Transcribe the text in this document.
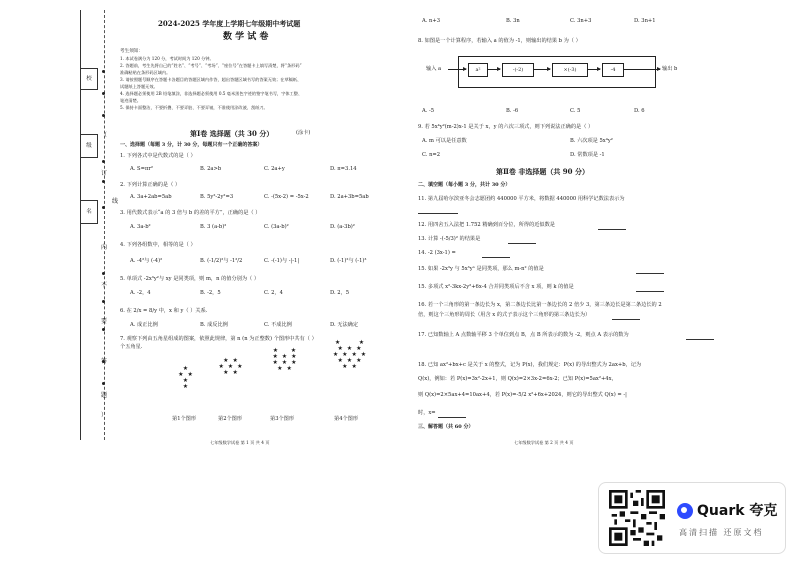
校
级
名
（
订
线
内
不
要
答
题
）
2024-2025 学年度上学期七年级期中考试题
数 学 试 卷
考生须知：
1. 本试卷满分为 120 分，考试时间为 120 分钟。
2. 答题前，考生先将自己的“姓名”、“考号”、“考场”、“座位号”在答题卡上填写清楚，将“条形码”
准确粘贴在条形码区域内。
3. 请按照题号顺序在答题卡各题目的答题区域内作答，超出答题区域书写的答案无效；在草稿纸、
试题纸上答题无效。
4. 选择题必须使用 2B 铅笔填涂，非选择题必须使用 0.5 毫米黑色字迹的签字笔书写，字体工整、
笔迹清楚。
5. 保持卡面整洁，不要折叠、不要弄脏、不要弄皱，不准使用涂改液、刮纸刀。
第Ⅰ卷 选择题（共 30 分）	(涂卡)
一、选择题（每题 3 分，计 30 分，每题只有一个正确的答案）
1. 下列各式中是代数式的是（ ）
A. S=πr²	B. 2a>b	C. 2a+y	D. π=3.14
2. 下列计算正确的是（ ）
A. 3a+2ab=5ab	B. 5y²-2y²=3	C. -(5x-2) = -5x-2	D. 2a+3b=5ab
3. 用代数式表示“a 的 3 倍与 b 的差的平方”，正确的是（ ）
A. 3a-b²	B. 3 (a-b)²	C. (3a-b)²	D. (a-3b)²
4. 下列各组数中，相等的是（ ）
A. -4²与 (-4)²	B. (-1/2)²与 -1²/2	C. -(-1)与 -|-1|	D. (-1)²与 (-1)³
5. 单项式 -2x³y²与 xy 是同类项，则 m，n 的值分别为（ ）
A. -2，4	B. -2，5	C. 2，4	D. 2，5
6. 在 2/x = 8/y 中，x 和 y（ ）关系.
A. 成正比例	B. 成反比例	C. 不成比例	D. 无法确定
7. 观察下列由五角星组成的图案，依照此规律，第 n (n 为正整数) 个图形中共有（ ）
个五角星.
★
★ ★ ★
★
★ ★
★ ★ ★
★ ★
★    ★
★ ★ ★
★ ★ ★
★ ★
★      ★
★ ★ ★
★ ★ ★ ★
★ ★ ★
★ ★
第1个图形	第2个图形	第3个图形	第4个图形
七年级数学试卷 第 1 页 共 4 页
A. n+3	B. 3n	C. 3n+3	D. 3n+1
8. 如图是一个计算程序，若输入 a 的值为 -1，则输出的结果 b 为（ ）
输入 a	a²	-(-2)	×(-3)	-4	输出 b
A. -5	B. -6	C. 5	D. 6
9. 若 5x⁴y²(m-2)x-1 是关于 x，y 的六次三项式，则下列说法正确的是（ ）
A. m 可以是任意数	B. 六次项是 5x⁴y²
C. n=2	D. 常数项是 -1
第Ⅱ卷 非选择题（共 90 分）
二、填空题（每小题 3 分，共计 30 分）
11. 第九届哈尔滨亚冬会志愿团约 440000 平方米，将数据 440000 用科学记数法表示为
12. 用四舍五入法把 1.752 精确到百分位，所得的近似数是
13. 计算 -(-5/3)² 的结果是
14. -2 (3x-1) =
15. 如果 -2x³y 与 5x³yⁿ 是同类项，那么 m-n² 的值是
15. 多项式 x²-3kx-2y²+6x-4 合并同类项后不含 x 项，则 k 的值是
16. 若一个三角形的第一条边长为 x，第二条边长比第一条边长的 2 倍少 3，第三条边长是第二条边长的 2
倍，则这个三角形的周长（用含 x 的式子表示这个三角形的第三条边长为）
17. 已知数轴上 A 点数轴平移 3 个单位到点 B，点 B 所表示的数为 -2，则点 A 表示的数为
18. 已知 ax²+bx+c 是关于 x 的整式，记为 P(x)，我们规定：P(x) 的导出整式为 2ax+b，记为
Q(x)，例如：若 P(x)=3x²-2x+1，则 Q(x)=2×3x-2=6x-2；已知 P(x)=5ax²+4x，
则 Q(x)=2×5ax+4=10ax+4，若 P(x)=-5/2 x²+6x+2024，则它的导出整式 Q(x) = -|
时，x=
三、解答题（共 60 分）
七年级数学试卷 第 2 页 共 4 页
Quark 夸克
高清扫描 还原文档
